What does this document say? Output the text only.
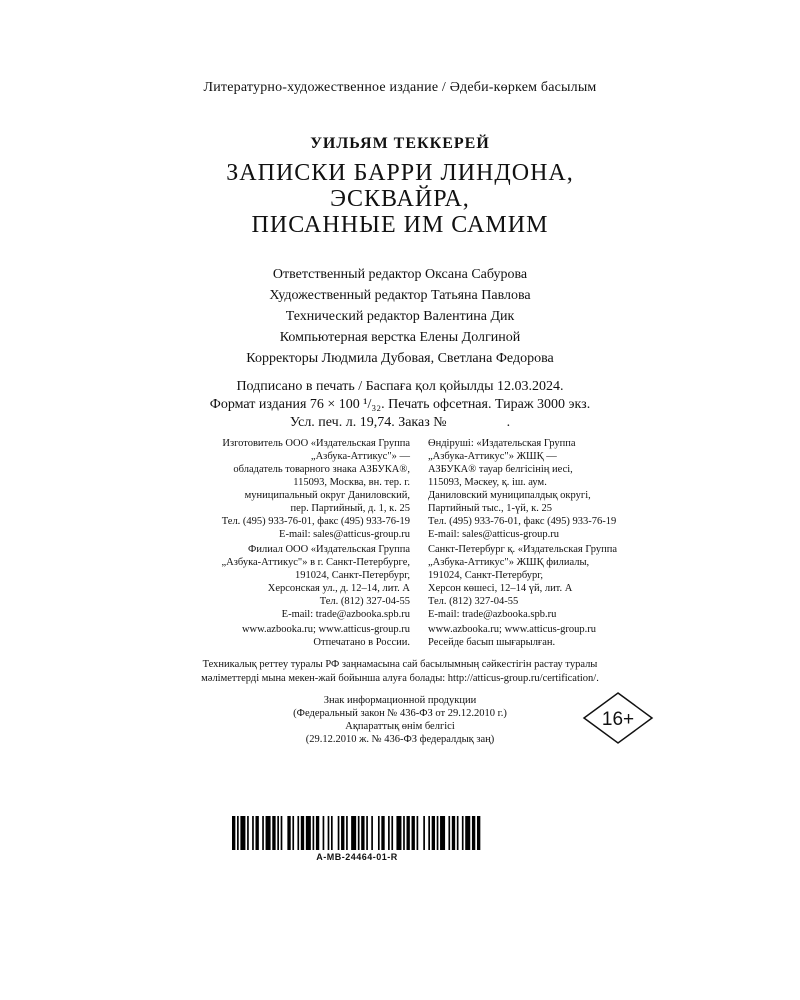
Литературно-художественное издание / Әдеби-көркем басылым
УИЛЬЯМ ТЕККЕРЕЙ
ЗАПИСКИ БАРРИ ЛИНДОНА,
ЭСКВАЙРА,
ПИСАННЫЕ ИМ САМИМ
Ответственный редактор Оксана Сабурова
Художественный редактор Татьяна Павлова
Технический редактор Валентина Дик
Компьютерная верстка Елены Долгиной
Корректоры Людмила Дубовая, Светлана Федорова
Подписано в печать / Баспаға қол қойылды 12.03.2024.
Формат издания 76 × 100 ¹/₃₂. Печать офсетная. Тираж 3000 экз.
Усл. печ. л. 19,74. Заказ №	.
Изготовитель ООО «Издательская Группа
„Азбука-Аттикус"» —
обладатель товарного знака АЗБУКА®,
115093, Москва, вн. тер. г.
муниципальный округ Даниловский,
пер. Партийный, д. 1, к. 25
Тел. (495) 933-76-01, факс (495) 933-76-19
E-mail: sales@atticus-group.ru
Филиал ООО «Издательская Группа
„Азбука-Аттикус"» в г. Санкт-Петербурге,
191024, Санкт-Петербург,
Херсонская ул., д. 12–14, лит. А
Тел. (812) 327-04-55
E-mail: trade@azbooka.spb.ru
www.azbooka.ru; www.atticus-group.ru
Отпечатано в России.
Өндіруші: «Издательская Группа
„Азбука-Аттикус"» ЖШҚ —
АЗБУКА® тауар белгісінің иесі,
115093, Мәскеу, қ. іш. аум.
Даниловский муниципалдық округі,
Партийный тыс., 1-үй, к. 25
Тел. (495) 933-76-01, факс (495) 933-76-19
E-mail: sales@atticus-group.ru
Санкт-Петербург қ. «Издательская Группа
„Азбука-Аттикус"» ЖШҚ филиалы,
191024, Санкт-Петербург,
Херсон көшесі, 12–14 үй, лит. А
Тел. (812) 327-04-55
E-mail: trade@azbooka.spb.ru
www.azbooka.ru; www.atticus-group.ru
Ресейде басып шығарылған.
Техникалық реттеу туралы РФ заңнамасына сай басылымның сәйкестігін растау туралы
мәліметтерді мына мекен-жай бойынша алуға болады: http://atticus-group.ru/certification/.
Знак информационной продукции
(Федеральный закон № 436-ФЗ от 29.12.2010 г.)
Ақпараттық өнім белгісі
(29.12.2010 ж. № 436-ФЗ федералдық заң)
16+
A-MB-24464-01-R
